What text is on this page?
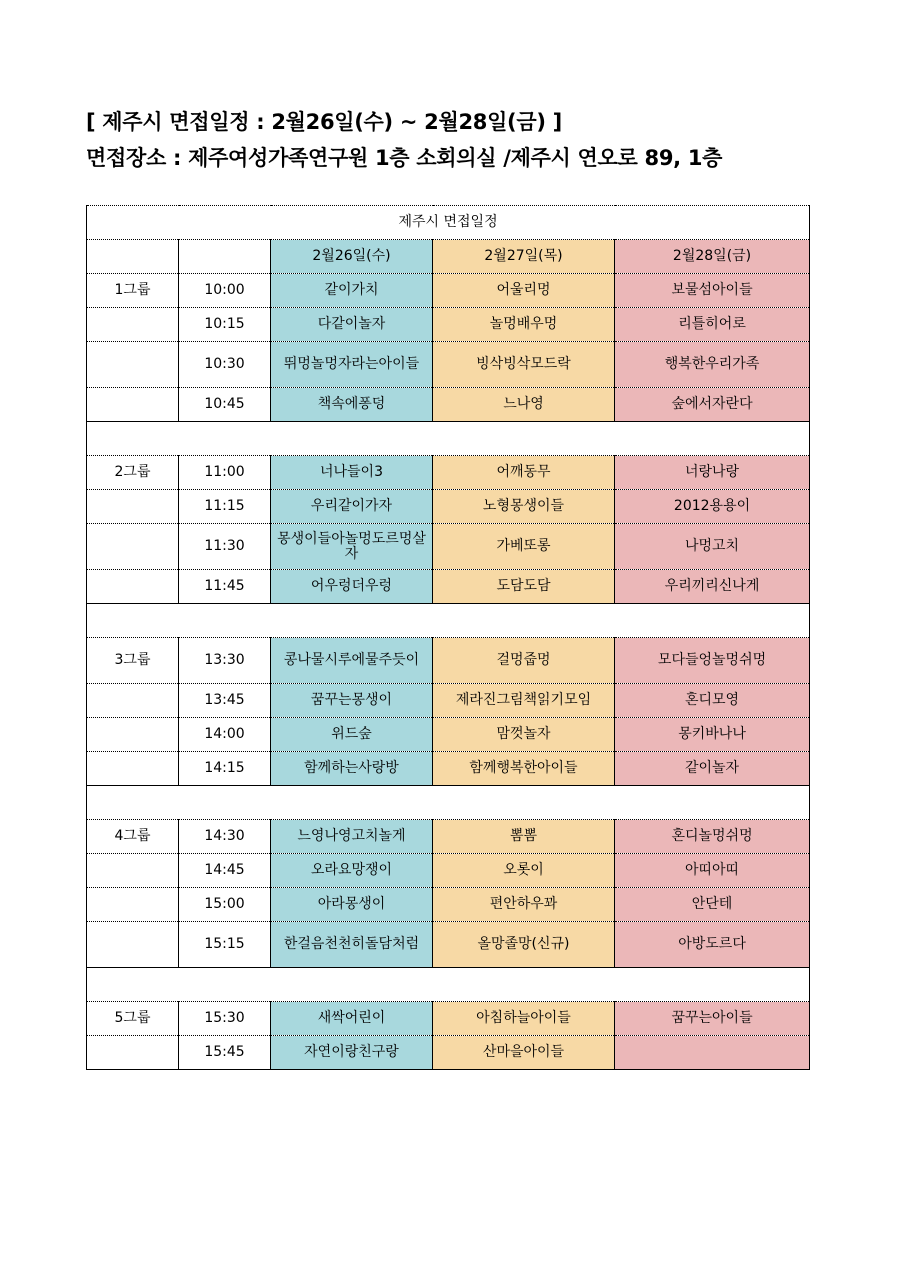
[ 제주시 면접일정 : 2월26일(수) ~ 2월28일(금) ]
면접장소 : 제주여성가족연구원 1층 소회의실 /제주시 연오로 89, 1층
제주시 면접일정				
		2월26일(수)	2월27일(목)	2월28일(금)
1그룹	10:00	같이가치	어울리멍	보물섬아이들
	10:15	다같이놀자	놀멍배우멍	리틀히어로
	10:30	뛰멍놀멍자라는아이들	빙삭빙삭모드락	행복한우리가족
	10:45	책속에퐁덩	느나영	숲에서자란다

2그룹	11:00	너나들이3	어깨동무	너랑나랑
	11:15	우리같이가자	노형몽생이들	2012용용이
	11:30	몽생이들아놀멍도르멍살자	가베또롱	나멍고치
	11:45	어우렁더우렁	도담도담	우리끼리신나게

3그룹	13:30	콩나물시루에물주듯이	걸멍줍멍	모다들엉놀멍쉬멍
	13:45	꿈꾸는몽생이	제라진그림책읽기모임	혼디모영
	14:00	위드숲	맘껏놀자	몽키바나나
	14:15	함께하는사랑방	함께행복한아이들	같이놀자

4그룹	14:30	느영나영고치놀게	뽐뽐	혼디놀멍쉬멍
	14:45	오라요망쟁이	오롯이	아띠아띠
	15:00	아라몽생이	편안하우꽈	안단테
	15:15	한걸음천천히돌담처럼	올망졸망(신규)	아방도르다

5그룹	15:30	새싹어린이	아침하늘아이들	꿈꾸는아이들
	15:45	자연이랑친구랑	산마을아이들	
